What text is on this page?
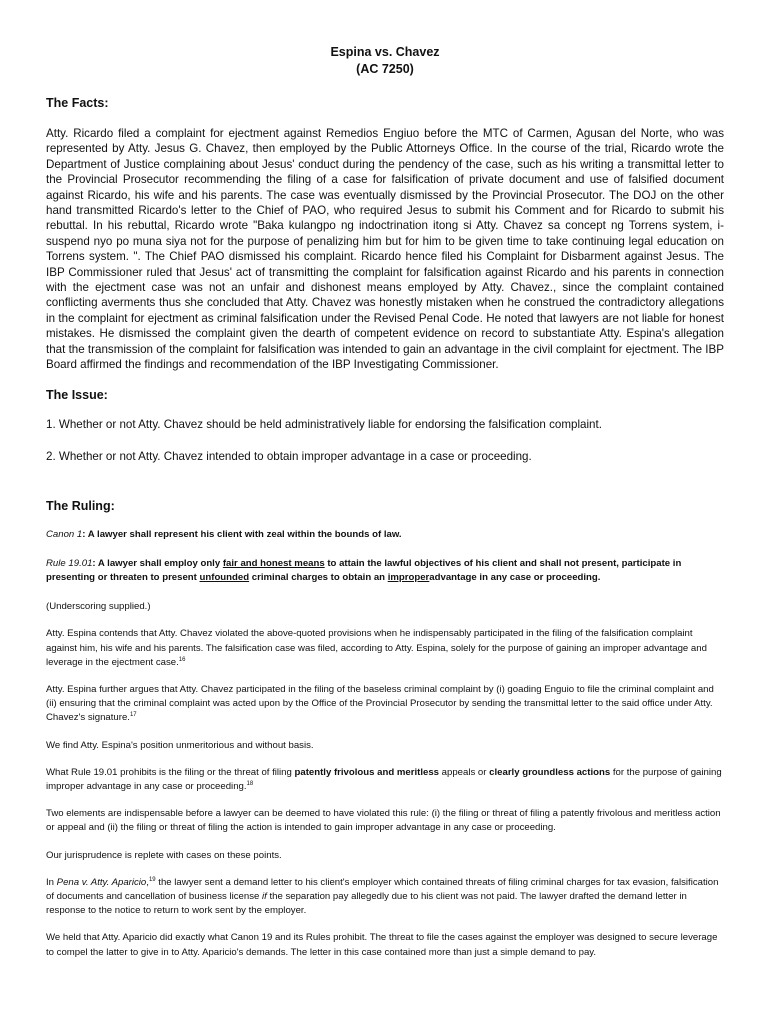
Espina vs. Chavez
(AC 7250)
The Facts:

Atty. Ricardo filed a complaint for ejectment against Remedios Engiuo before the MTC of Carmen, Agusan del Norte, who was represented by Atty. Jesus G. Chavez, then employed by the Public Attorneys Office. In the course of the trial, Ricardo wrote the Department of Justice complaining about Jesus' conduct during the pendency of the case, such as his writing a transmittal letter to the Provincial Prosecutor recommending the filing of a case for falsification of private document and use of falsified document against Ricardo, his wife and his parents. The case was eventually dismissed by the Provincial Prosecutor. The DOJ on the other hand transmitted Ricardo's letter to the Chief of PAO, who required Jesus to submit his Comment and for Ricardo to submit his rebuttal. In his rebuttal, Ricardo wrote "Baka kulangpo ng indoctrination itong si Atty. Chavez sa concept ng Torrens system, i-suspend nyo po muna siya not for the purpose of penalizing him but for him to be given time to take continuing legal education on Torrens system. ". The Chief PAO dismissed his complaint. Ricardo hence filed his Complaint for Disbarment against Jesus. The IBP Commissioner ruled that Jesus' act of transmitting the complaint for falsification against Ricardo and his parents in connection with the ejectment case was not an unfair and dishonest means employed by Atty. Chavez., since the complaint contained conflicting averments thus she concluded that Atty. Chavez was honestly mistaken when he construed the contradictory allegations in the complaint for ejectment as criminal falsification under the Revised Penal Code. He noted that lawyers are not liable for honest mistakes. He dismissed the complaint given the dearth of competent evidence on record to substantiate Atty. Espina's allegation that the transmission of the complaint for falsification was intended to gain an advantage in the civil complaint for ejectment. The IBP Board affirmed the findings and recommendation of the IBP Investigating Commissioner.

The Issue:

1. Whether or not Atty. Chavez should be held administratively liable for endorsing the falsification complaint.

2. Whether or not Atty. Chavez intended to obtain improper advantage in a case or proceeding.

The Ruling:

Canon 1: A lawyer shall represent his client with zeal within the bounds of law.

Rule 19.01: A lawyer shall employ only fair and honest means to attain the lawful objectives of his client and shall not present, participate in presenting or threaten to present unfounded criminal charges to obtain an improperadvantage in any case or proceeding.

(Underscoring supplied.)

Atty. Espina contends that Atty. Chavez violated the above-quoted provisions when he indispensably participated in the filing of the falsification complaint against him, his wife and his parents. The falsification case was filed, according to Atty. Espina, solely for the purpose of gaining an improper advantage and leverage in the ejectment case.$^{16}$

Atty. Espina further argues that Atty. Chavez participated in the filing of the baseless criminal complaint by (i) goading Enguio to file the criminal complaint and (ii) ensuring that the criminal complaint was acted upon by the Office of the Provincial Prosecutor by sending the transmittal letter to the said office under Atty. Chavez's signature.$^{17}$

We find Atty. Espina's position unmeritorious and without basis.

What Rule 19.01 prohibits is the filing or the threat of filing patently frivolous and meritless appeals or clearly groundless actions for the purpose of gaining improper advantage in any case or proceeding.$^{18}$

Two elements are indispensable before a lawyer can be deemed to have violated this rule: (i) the filing or threat of filing a patently frivolous and meritless action or appeal and (ii) the filing or threat of filing the action is intended to gain improper advantage in any case or proceeding.

Our jurisprudence is replete with cases on these points.

In Pena v. Atty. Aparicio,$^{19}$ the lawyer sent a demand letter to his client's employer which contained threats of filing criminal charges for tax evasion, falsification of documents and cancellation of business license if the separation pay allegedly due to his client was not paid. The lawyer drafted the demand letter in response to the notice to return to work sent by the employer.

We held that Atty. Aparicio did exactly what Canon 19 and its Rules prohibit. The threat to file the cases against the employer was designed to secure leverage to compel the latter to give in to Atty. Aparicio's demands. The letter in this case contained more than just a simple demand to pay.
